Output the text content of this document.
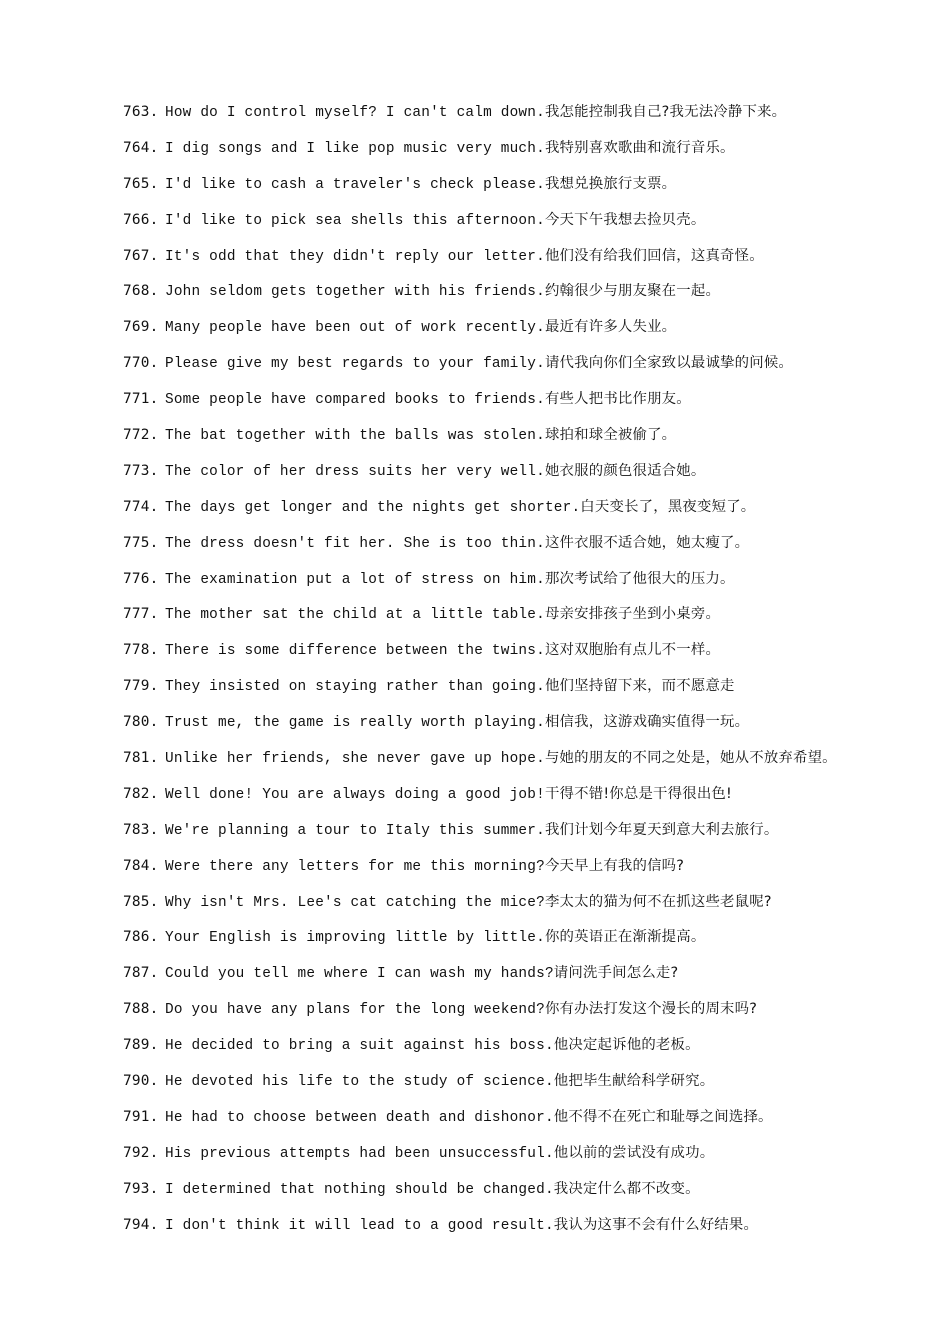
763. How do I control myself? I can't calm down.我怎能控制我自己?我无法冷静下来。
764. I dig songs and I like pop music very much.我特别喜欢歌曲和流行音乐。
765. I'd like to cash a traveler's check please.我想兑换旅行支票。
766. I'd like to pick sea shells this afternoon.今天下午我想去捡贝壳。
767. It's odd that they didn't reply our letter.他们没有给我们回信，这真奇怪。
768. John seldom gets together with his friends.约翰很少与朋友聚在一起。
769. Many people have been out of work recently.最近有许多人失业。
770. Please give my best regards to your family.请代我向你们全家致以最诚挚的问候。
771. Some people have compared books to friends.有些人把书比作朋友。
772. The bat together with the balls was stolen.球拍和球全被偷了。
773. The color of her dress suits her very well.她衣服的颜色很适合她。
774. The days get longer and the nights get shorter.白天变长了，黑夜变短了。
775. The dress doesn't fit her. She is too thin.这件衣服不适合她，她太瘦了。
776. The examination put a lot of stress on him.那次考试给了他很大的压力。
777. The mother sat the child at a little table.母亲安排孩子坐到小桌旁。
778. There is some difference between the twins.这对双胞胎有点儿不一样。
779. They insisted on staying rather than going.他们坚持留下来，而不愿意走
780. Trust me, the game is really worth playing.相信我，这游戏确实值得一玩。
781. Unlike her friends, she never gave up hope.与她的朋友的不同之处是，她从不放弃希望。
782. Well done! You are always doing a good job!干得不错!你总是干得很出色!
783. We're planning a tour to Italy this summer.我们计划今年夏天到意大利去旅行。
784. Were there any letters for me this morning?今天早上有我的信吗?
785. Why isn't Mrs. Lee's cat catching the mice?李太太的猫为何不在抓这些老鼠呢?
786. Your English is improving little by little.你的英语正在渐渐提高。
787. Could you tell me where I can wash my hands?请问洗手间怎么走?
788. Do you have any plans for the long weekend?你有办法打发这个漫长的周末吗?
789. He decided to bring a suit against his boss.他决定起诉他的老板。
790. He devoted his life to the study of science.他把毕生献给科学研究。
791. He had to choose between death and dishonor.他不得不在死亡和耻辱之间选择。
792. His previous attempts had been unsuccessful.他以前的尝试没有成功。
793. I determined that nothing should be changed.我决定什么都不改变。
794. I don't think it will lead to a good result.我认为这事不会有什么好结果。
